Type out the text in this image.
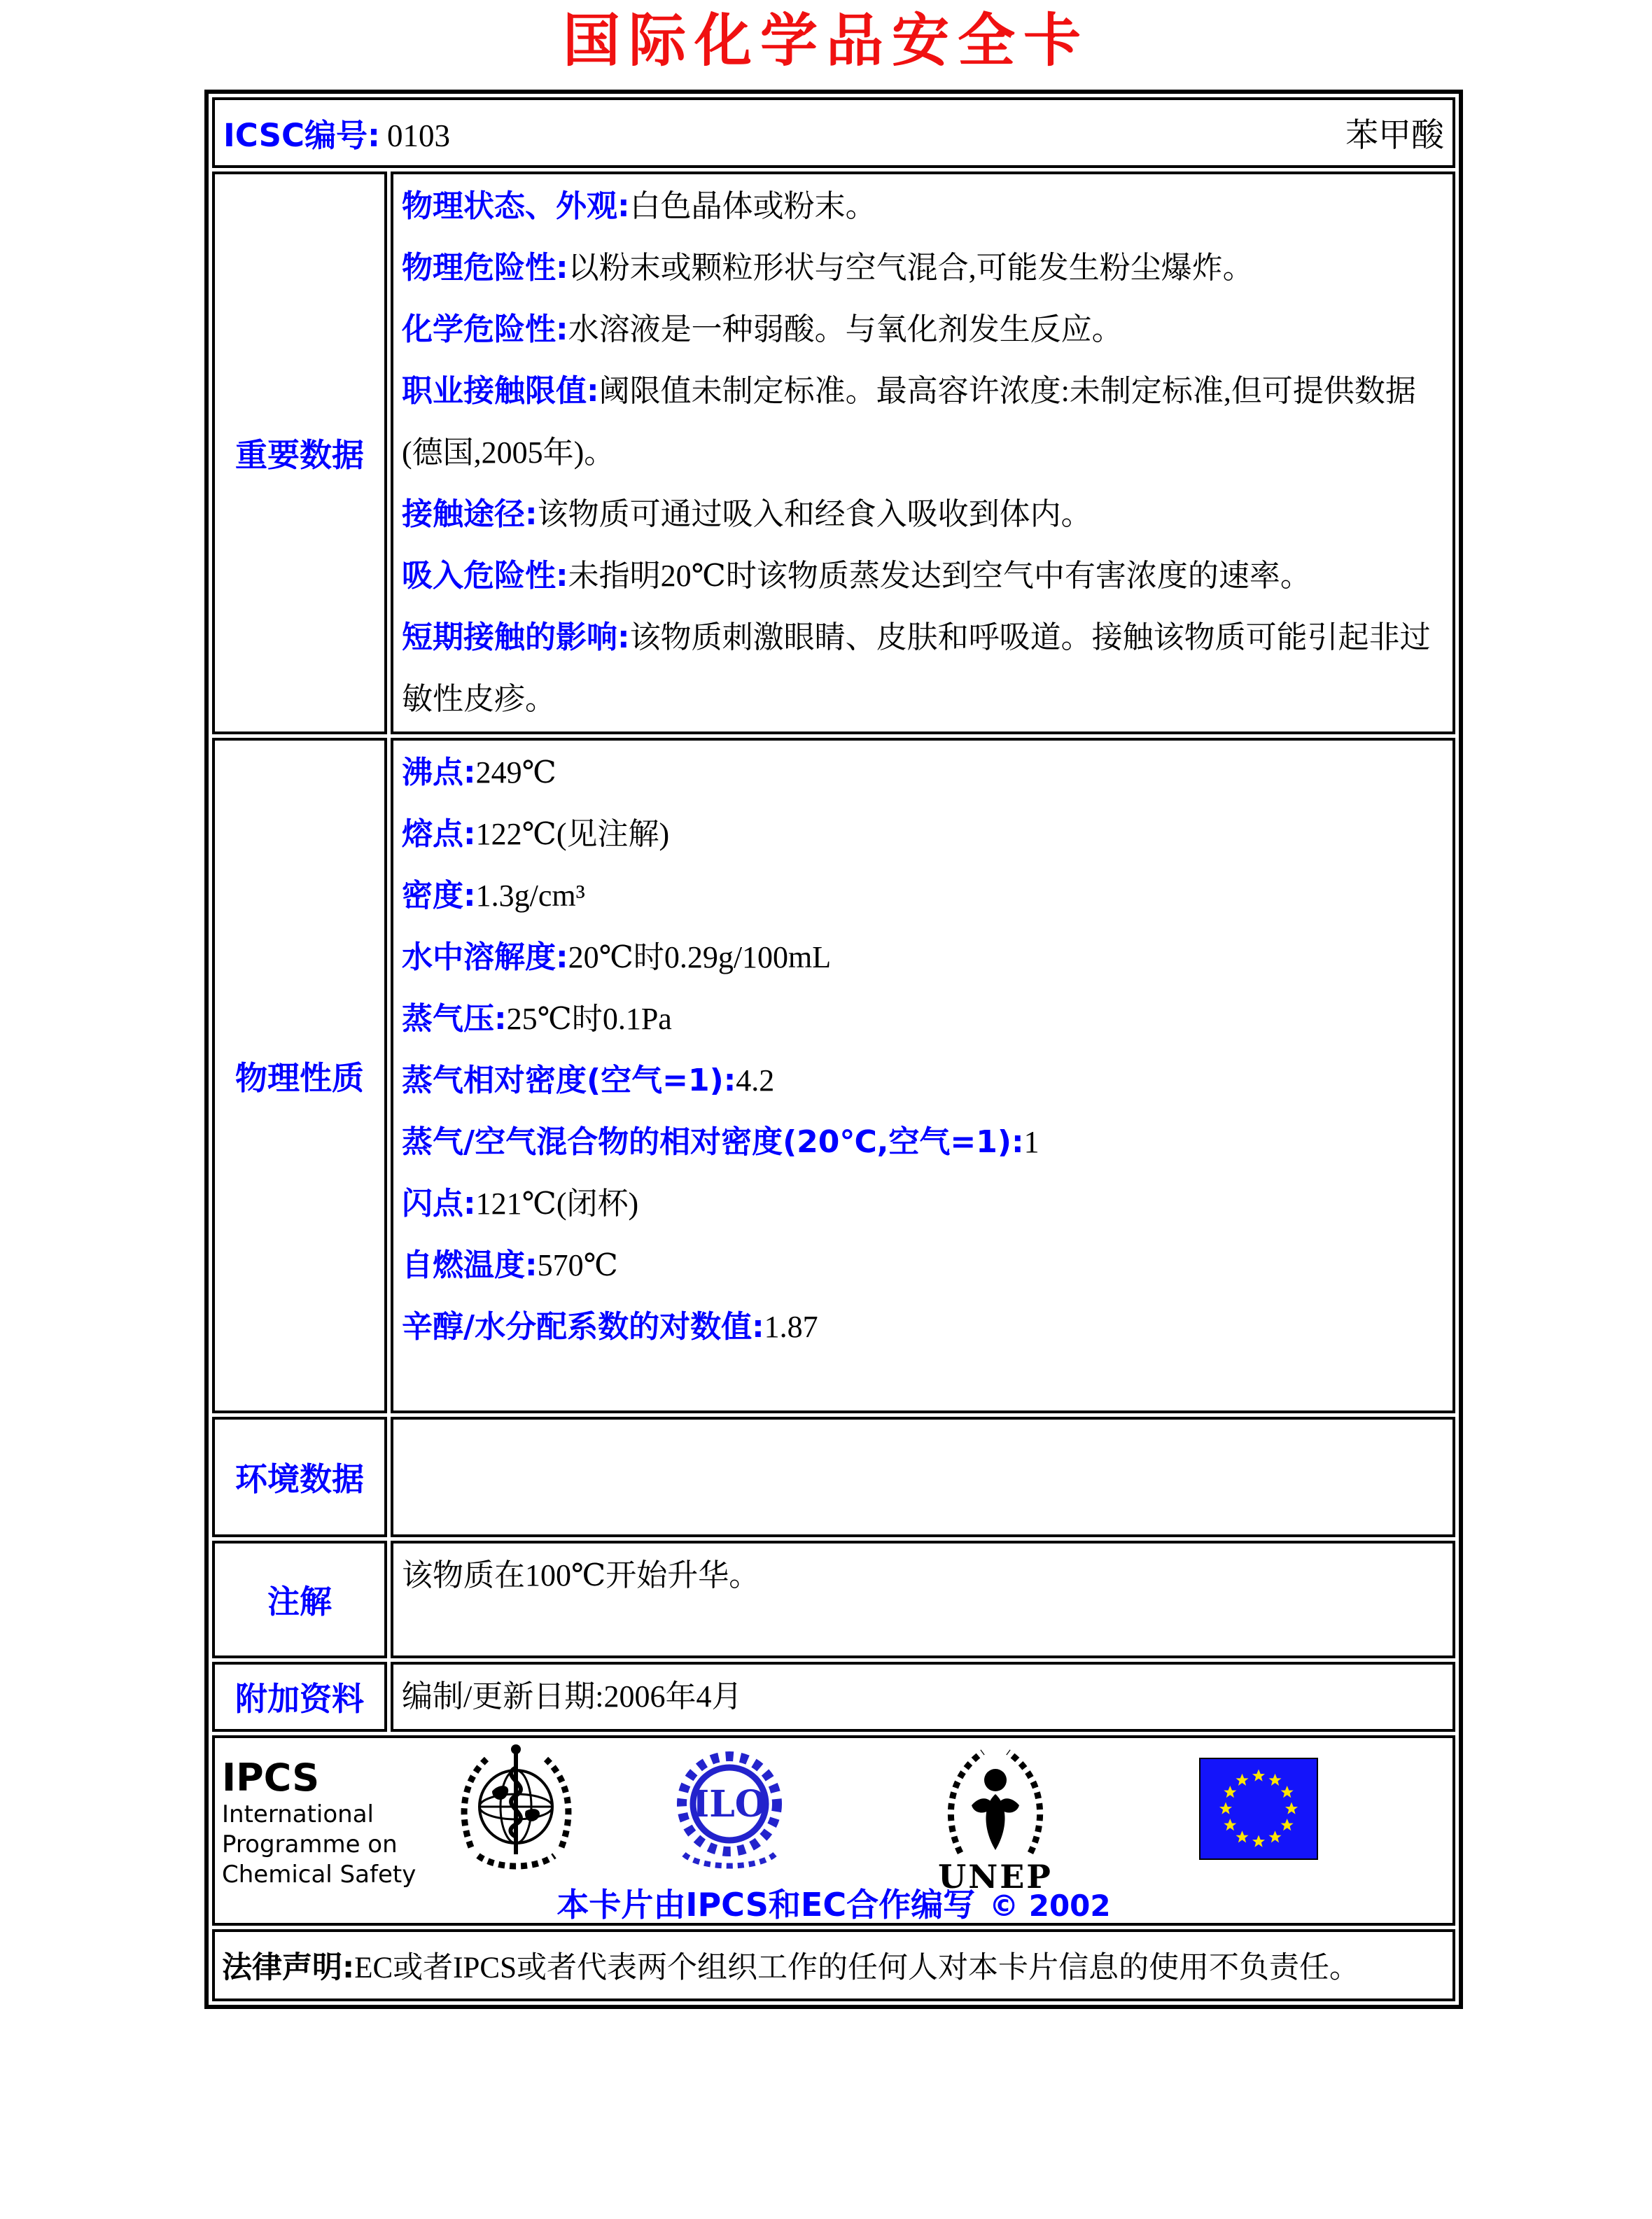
国际化学品安全卡
ICSC编号: 0103 苯甲酸	

重要数据	
物理状态、外观:白色晶体或粉末。
物理危险性:以粉末或颗粒形状与空气混合,可能发生粉尘爆炸。
化学危险性:水溶液是一种弱酸。与氧化剂发生反应。
职业接触限值:阈限值未制定标准。最高容许浓度:未制定标准,但可提供数据(德国,2005年)。
接触途径:该物质可通过吸入和经食入吸收到体内。
吸入危险性:未指明20℃时该物质蒸发达到空气中有害浓度的速率。
短期接触的影响:该物质刺激眼睛、皮肤和呼吸道。接触该物质可能引起非过敏性皮疹。

物理性质	
沸点:249℃
熔点:122℃(见注解)
密度:1.3g/cm³
水中溶解度:20℃时0.29g/100mL
蒸气压:25℃时0.1Pa
蒸气相对密度(空气=1):4.2
蒸气/空气混合物的相对密度(20℃,空气=1):1
闪点:121℃(闭杯)
自燃温度:570℃
辛醇/水分配系数的对数值:1.87

环境数据	
注解	该物质在100℃开始升华。
附加资料	编制/更新日期:2006年4月

IPCS
International
Programme on
Chemical Safety
ILO
UNEP
本卡片由IPCS和EC合作编写 © 2002

法律声明:EC或者IPCS或者代表两个组织工作的任何人对本卡片信息的使用不负责任。	
